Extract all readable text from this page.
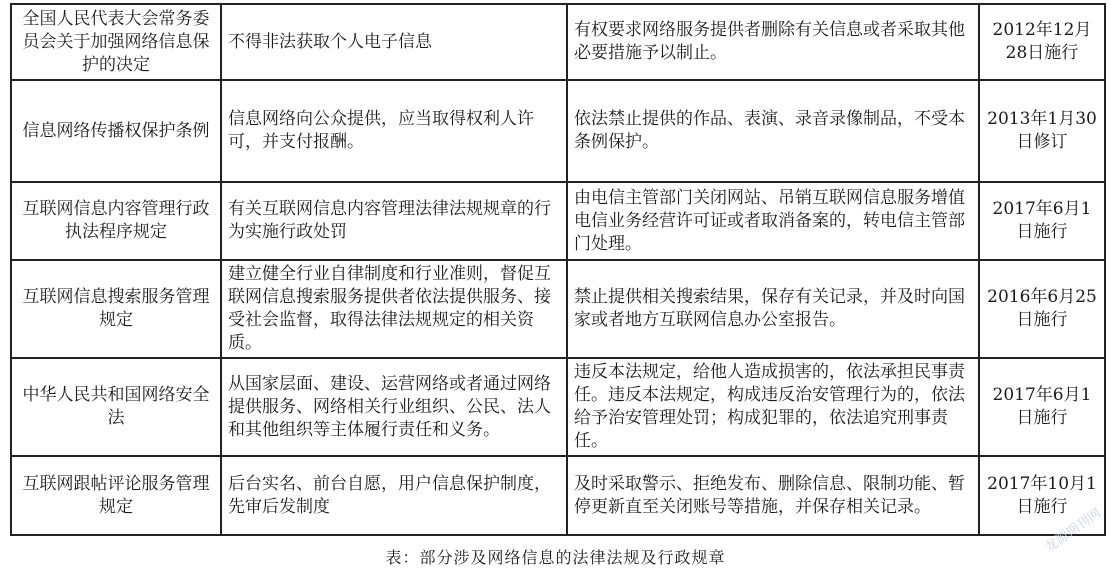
全国人民代表大会常务委员会关于加强网络信息保护的决定	不得非法获取个人电子信息	有权要求网络服务提供者删除有关信息或者采取其他必要措施予以制止。	2012年12月28日施行
信息网络传播权保护条例	信息网络向公众提供，应当取得权利人许可，并支付报酬。	依法禁止提供的作品、表演、录音录像制品，不受本条例保护。	2013年1月30日修订
互联网信息内容管理行政执法程序规定	有关互联网信息内容管理法律法规规章的行为实施行政处罚	由电信主管部门关闭网站、吊销互联网信息服务增值电信业务经营许可证或者取消备案的，转电信主管部门处理。	2017年6月1日施行
互联网信息搜索服务管理规定	建立健全行业自律制度和行业准则，督促互联网信息搜索服务提供者依法提供服务、接受社会监督，取得法律法规规定的相关资质。	禁止提供相关搜索结果，保存有关记录，并及时向国家或者地方互联网信息办公室报告。	2016年6月25日施行
中华人民共和国网络安全法	从国家层面、建设、运营网络或者通过网络提供服务、网络相关行业组织、公民、法人和其他组织等主体履行责任和义务。	违反本法规定，给他人造成损害的，依法承担民事责任。违反本法规定，构成违反治安管理行为的，依法给予治安管理处罚；构成犯罪的，依法追究刑事责任。	2017年6月1日施行
互联网跟帖评论服务管理规定	后台实名、前台自愿，用户信息保护制度，先审后发制度	及时采取警示、拒绝发布、删除信息、限制功能、暂停更新直至关闭账号等措施，并保存相关记录。	2017年10月1日施行
表：部分涉及网络信息的法律法规及行政规章
龙源期刊网
